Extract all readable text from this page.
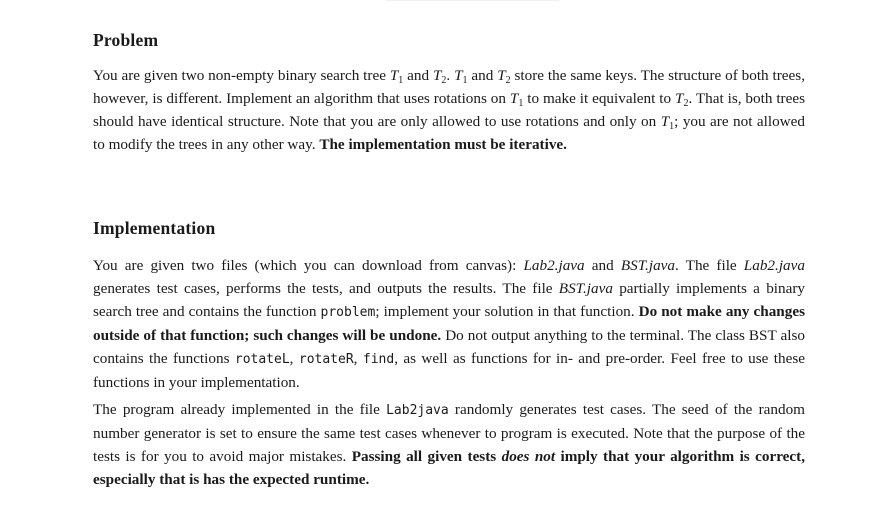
Problem

You are given two non-empty binary search tree $T_1$ and $T_2$. $T_1$ and $T_2$ store the same keys. The structure of both trees, however, is different. Implement an algorithm that uses rotations on $T_1$ to make it equivalent to $T_2$. That is, both trees should have identical structure. Note that you are only allowed to use rotations and only on $T_1$; you are not allowed to modify the trees in any other way. The implementation must be iterative.

Implementation

You are given two files (which you can download from canvas): Lab2.java and BST.java. The file Lab2.java generates test cases, performs the tests, and outputs the results. The file BST.java partially implements a binary search tree and contains the function problem; implement your solution in that function. Do not make any changes outside of that function; such changes will be undone. Do not output anything to the terminal. The class BST also contains the functions rotateL, rotateR, find, as well as functions for in- and pre-order. Feel free to use these functions in your implementation.

The program already implemented in the file Lab2java randomly generates test cases. The seed of the random number generator is set to ensure the same test cases whenever to program is executed. Note that the purpose of the tests is for you to avoid major mistakes. Passing all given tests does not imply that your algorithm is correct, especially that is has the expected runtime.
